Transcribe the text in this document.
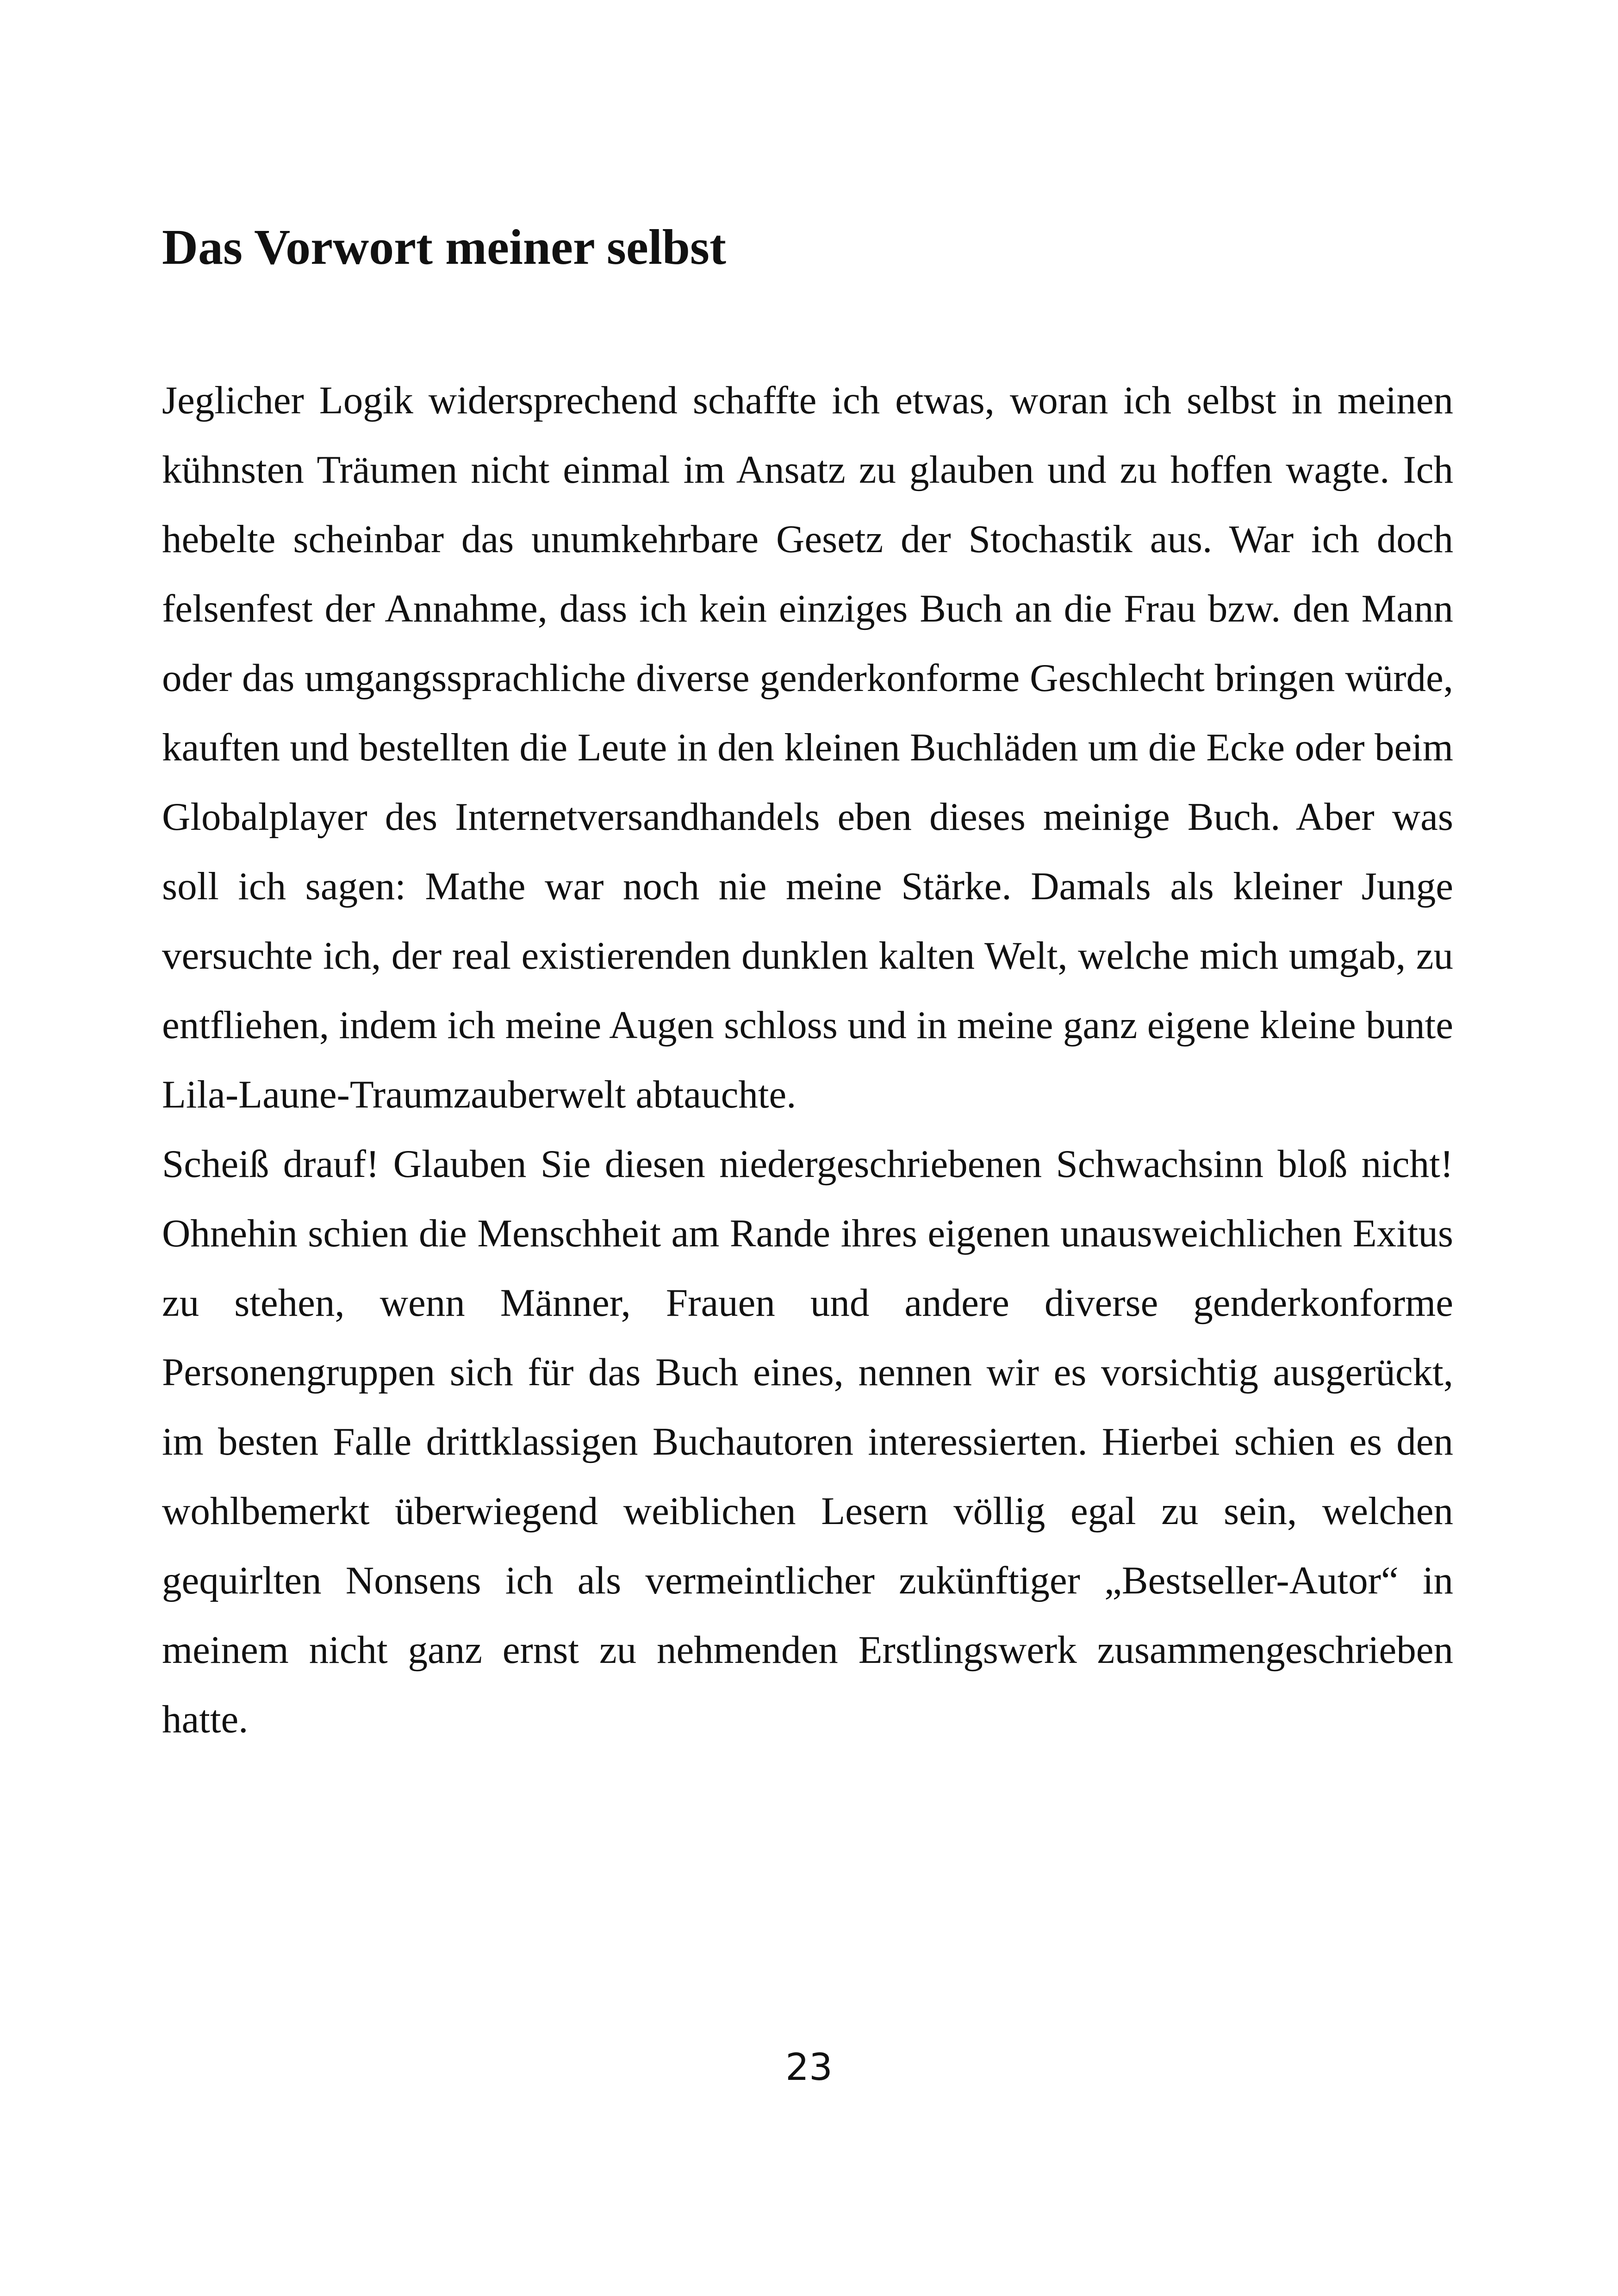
Das Vorwort meiner selbst

Jeglicher Logik widersprechend schaffte ich etwas, woran ich selbst in meinen kühnsten Träumen nicht einmal im Ansatz zu glauben und zu hoffen wagte. Ich hebelte scheinbar das unumkehrbare Gesetz der Stochastik aus. War ich doch felsenfest der Annahme, dass ich kein einziges Buch an die Frau bzw. den Mann oder das umgangssprachliche diverse genderkonforme Geschlecht bringen würde, kauften und bestellten die Leute in den kleinen Buchläden um die Ecke oder beim Globalplayer des Internetversandhandels eben dieses meinige Buch. Aber was soll ich sagen: Mathe war noch nie meine Stärke. Damals als kleiner Junge versuchte ich, der real existierenden dunklen kalten Welt, welche mich umgab, zu entfliehen, indem ich meine Augen schloss und in meine ganz eigene kleine bunte Lila-Laune-Traumzauberwelt abtauchte.

Scheiß drauf! Glauben Sie diesen niedergeschriebenen Schwachsinn bloß nicht! Ohnehin schien die Menschheit am Rande ihres eigenen unausweichlichen Exitus zu stehen, wenn Männer, Frauen und andere diverse genderkonforme Personengruppen sich für das Buch eines, nennen wir es vorsichtig ausgerückt, im besten Falle drittklassigen Buchautoren interessierten. Hierbei schien es den wohlbemerkt überwiegend weiblichen Lesern völlig egal zu sein, welchen gequirlten Nonsens ich als vermeintlicher zukünftiger „Bestseller-Autor“ in meinem nicht ganz ernst zu nehmenden Erstlingswerk zusammengeschrieben hatte.

23
